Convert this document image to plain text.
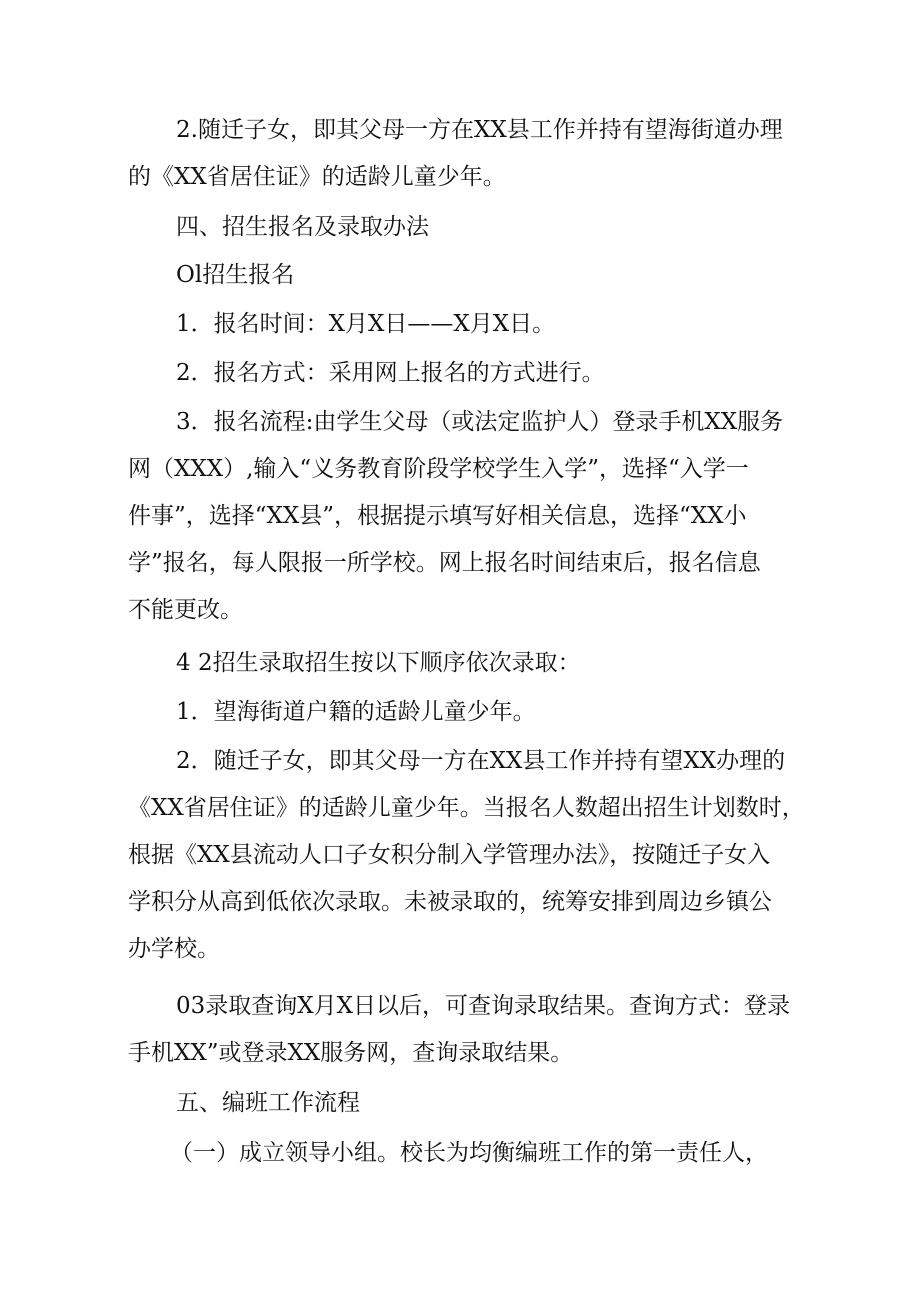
2.随迁子女，即其父母一方在XX县工作并持有望海街道办理
的《XX省居住证》的适龄儿童少年。
四、招生报名及录取办法
Ol招生报名
1．报名时间：X月X日——X月X日。
2．报名方式：采用网上报名的方式进行。
3．报名流程:由学生父母（或法定监护人）登录手机XX服务
网（XXX）,输入“义务教育阶段学校学生入学”，选择“入学一
件事”，选择“XX县”，根据提示填写好相关信息，选择“XX小
学”报名，每人限报一所学校。网上报名时间结束后，报名信息
不能更改。
4 2招生录取招生按以下顺序依次录取：
1．望海街道户籍的适龄儿童少年。
2．随迁子女，即其父母一方在XX县工作并持有望XX办理的
《XX省居住证》的适龄儿童少年。当报名人数超出招生计划数时，
根据《XX县流动人口子女积分制入学管理办法》，按随迁子女入
学积分从高到低依次录取。未被录取的，统筹安排到周边乡镇公
办学校。
03录取查询X月X日以后，可查询录取结果。查询方式：登录
手机XX”或登录XX服务网，查询录取结果。
五、编班工作流程
（一）成立领导小组。校长为均衡编班工作的第一责任人，
